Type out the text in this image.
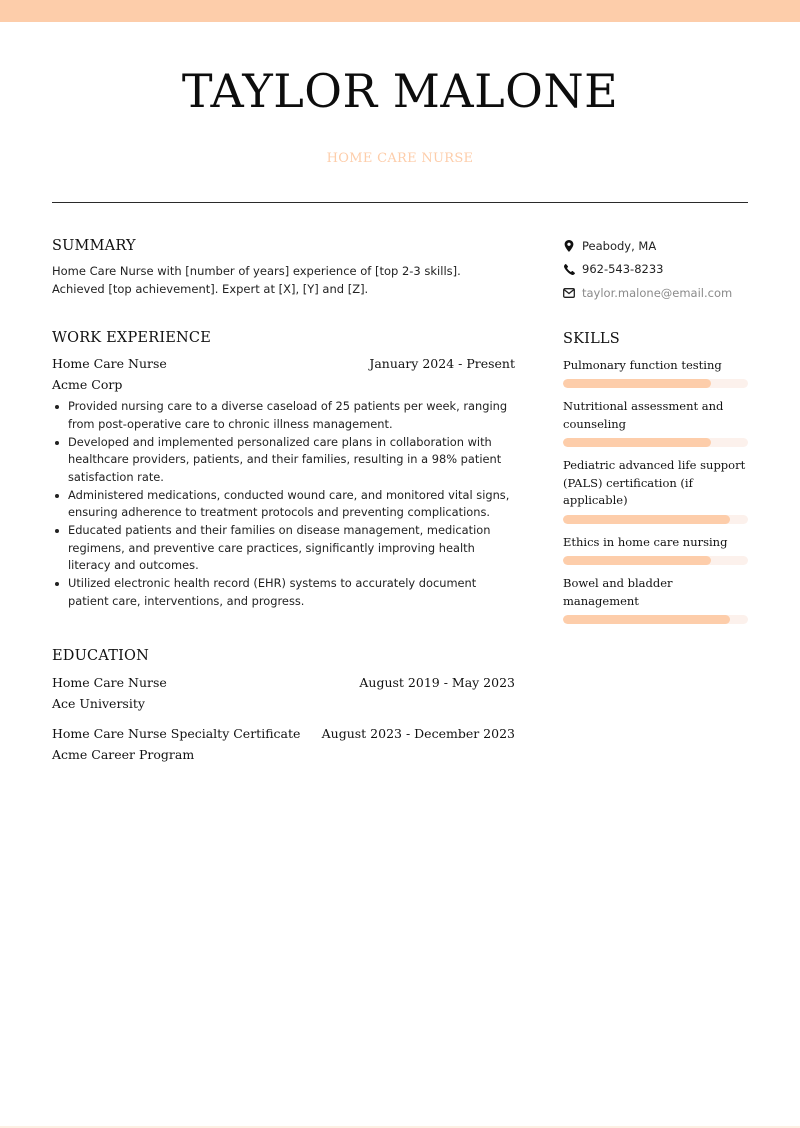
TAYLOR MALONE
HOME CARE NURSE
SUMMARY

Home Care Nurse with [number of years] experience of [top 2-3 skills]. Achieved [top achievement]. Expert at [X], [Y] and [Z].

WORK EXPERIENCE
Home Care Nurse	January 2024 - Present
Acme Corp
Provided nursing care to a diverse caseload of 25 patients per week, ranging from post-operative care to chronic illness management.
Developed and implemented personalized care plans in collaboration with healthcare providers, patients, and their families, resulting in a 98% patient satisfaction rate.
Administered medications, conducted wound care, and monitored vital signs, ensuring adherence to treatment protocols and preventing complications.
Educated patients and their families on disease management, medication regimens, and preventive care practices, significantly improving health literacy and outcomes.
Utilized electronic health record (EHR) systems to accurately document patient care, interventions, and progress.
EDUCATION
Home Care Nurse	August 2019 - May 2023
Ace University
Home Care Nurse Specialty Certificate August 2023 - December 2023
Acme Career Program
Peabody, MA
962-543-8233
taylor.malone@email.com
SKILLS
Pulmonary function testing
Nutritional assessment and counseling
Pediatric advanced life support (PALS) certification (if applicable)
Ethics in home care nursing
Bowel and bladder management
